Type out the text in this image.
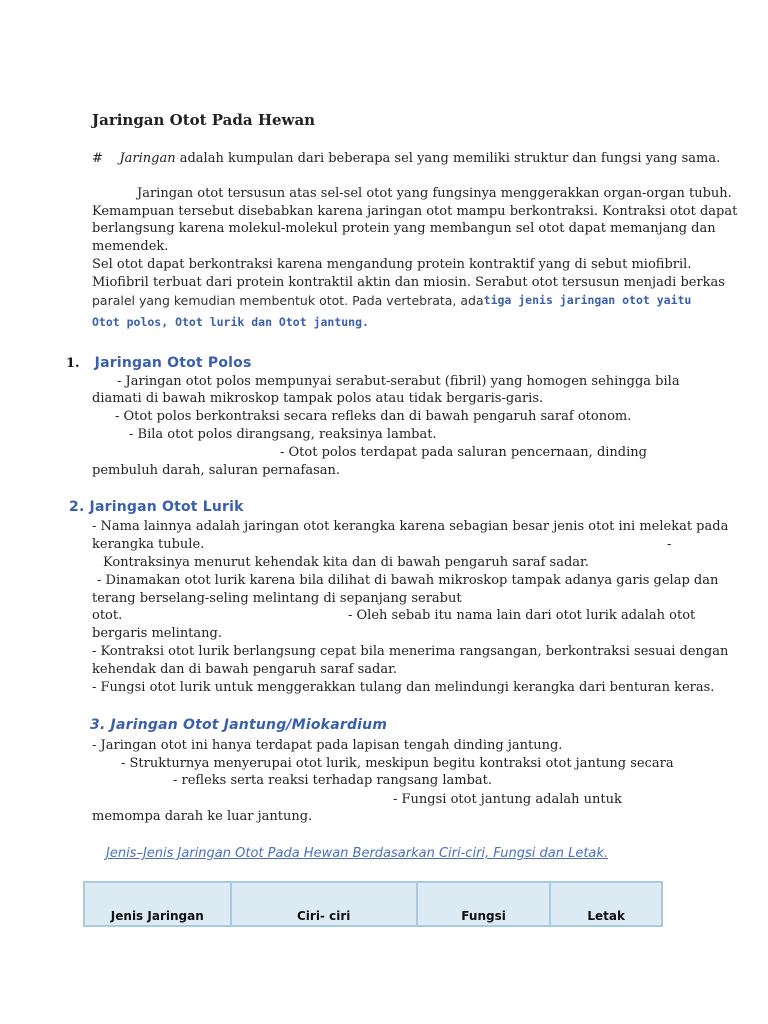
Jaringan Otot Pada Hewan
# Jaringan adalah kumpulan dari beberapa sel yang memiliki struktur dan fungsi yang sama.
Jaringan otot tersusun atas sel-sel otot yang fungsinya menggerakkan organ-organ tubuh.
Kemampuan tersebut disebabkan karena jaringan otot mampu berkontraksi. Kontraksi otot dapat
berlangsung karena molekul-molekul protein yang membangun sel otot dapat memanjang dan
memendek.
Sel otot dapat berkontraksi karena mengandung protein kontraktif yang di sebut miofibril.
Miofibril terbuat dari protein kontraktil aktin dan miosin. Serabut otot tersusun menjadi berkas
paralel yang kemudian membentuk otot. Pada vertebrata, ada tiga jenis jaringan otot yaitu
Otot polos, Otot lurik dan Otot jantung.
1. Jaringan Otot Polos
- Jaringan otot polos mempunyai serabut-serabut (fibril) yang homogen sehingga bila
diamati di bawah mikroskop tampak polos atau tidak bergaris-garis.
- Otot polos berkontraksi secara refleks dan di bawah pengaruh saraf otonom.
- Bila otot polos dirangsang, reaksinya lambat.
- Otot polos terdapat pada saluran pencernaan, dinding
pembuluh darah, saluran pernafasan.
2. Jaringan Otot Lurik
- Nama lainnya adalah jaringan otot kerangka karena sebagian besar jenis otot ini melekat pada
kerangka tubule.	-
Kontraksinya menurut kehendak kita dan di bawah pengaruh saraf sadar.
- Dinamakan otot lurik karena bila dilihat di bawah mikroskop tampak adanya garis gelap dan
terang berselang-seling melintang di sepanjang serabut
otot.	- Oleh sebab itu nama lain dari otot lurik adalah otot
bergaris melintang.
- Kontraksi otot lurik berlangsung cepat bila menerima rangsangan, berkontraksi sesuai dengan
kehendak dan di bawah pengaruh saraf sadar.
- Fungsi otot lurik untuk menggerakkan tulang dan melindungi kerangka dari benturan keras.
3. Jaringan Otot Jantung/Miokardium
- Jaringan otot ini hanya terdapat pada lapisan tengah dinding jantung.
- Strukturnya menyerupai otot lurik, meskipun begitu kontraksi otot jantung secara
- refleks serta reaksi terhadap rangsang lambat.
- Fungsi otot jantung adalah untuk
memompa darah ke luar jantung.
Jenis–Jenis Jaringan Otot Pada Hewan Berdasarkan Ciri-ciri, Fungsi dan Letak.
Jenis Jaringan	Ciri- ciri	Fungsi	Letak
